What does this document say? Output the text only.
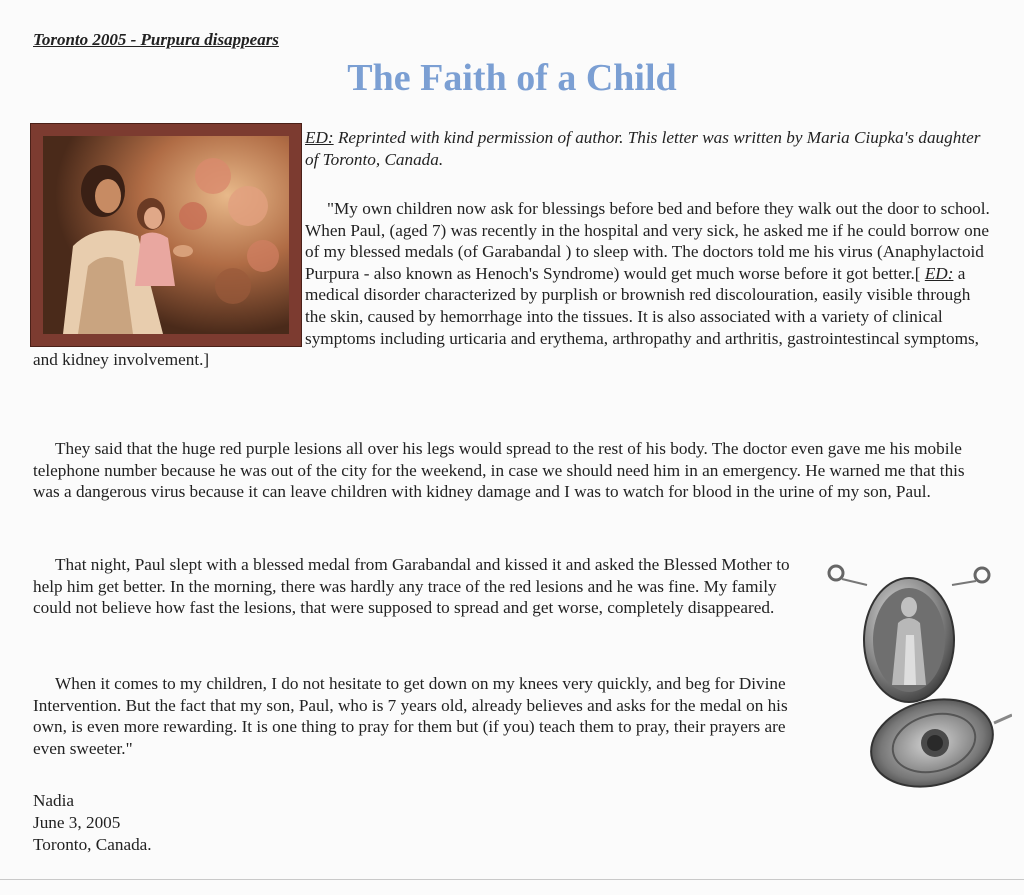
Toronto 2005 - Purpura disappears

The Faith of a Child

ED: Reprinted with kind permission of author. This letter was written by Maria Ciupka's daughter of Toronto, Canada.

"My own children now ask for blessings before bed and before they walk out the door to school. When Paul, (aged 7) was recently in the hospital and very sick, he asked me if he could borrow one of my blessed medals (of Garabandal ) to sleep with. The doctors told me his virus (Anaphylactoid Purpura - also known as Henoch's Syndrome) would get much worse before it got better.[ ED: a medical disorder characterized by purplish or brownish red discolouration, easily visible through the skin, caused by hemorrhage into the tissues. It is also associated with a variety of clinical symptoms including urticaria and erythema, arthropathy and arthritis, gastrointestincal symptoms, and kidney involvement.]

They said that the huge red purple lesions all over his legs would spread to the rest of his body. The doctor even gave me his mobile telephone number because he was out of the city for the weekend, in case we should need him in an emergency. He warned me that this was a dangerous virus because it can leave children with kidney damage and I was to watch for blood in the urine of my son, Paul.

That night, Paul slept with a blessed medal from Garabandal and kissed it and asked the Blessed Mother to help him get better. In the morning, there was hardly any trace of the red lesions and he was fine. My family could not believe how fast the lesions, that were supposed to spread and get worse, completely disappeared.

When it comes to my children, I do not hesitate to get down on my knees very quickly, and beg for Divine Intervention. But the fact that my son, Paul, who is 7 years old, already believes and asks for the medal on his own, is even more rewarding. It is one thing to pray for them but (if you) teach them to pray, their prayers are even sweeter."

Nadia
June 3, 2005
Toronto, Canada.
